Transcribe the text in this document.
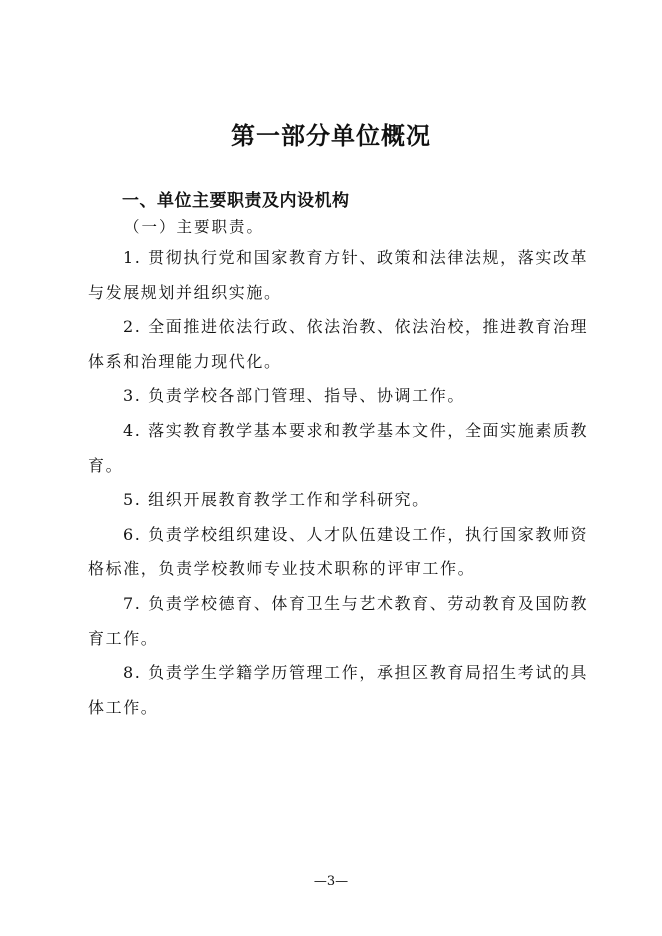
第一部分单位概况
一、单位主要职责及内设机构
（一）主要职责。
1. 贯彻执行党和国家教育方针、政策和法律法规，落实改革
与发展规划并组织实施。
2. 全面推进依法行政、依法治教、依法治校，推进教育治理
体系和治理能力现代化。
3. 负责学校各部门管理、指导、协调工作。
4. 落实教育教学基本要求和教学基本文件，全面实施素质教
育。
5. 组织开展教育教学工作和学科研究。
6. 负责学校组织建设、人才队伍建设工作，执行国家教师资
格标准，负责学校教师专业技术职称的评审工作。
7. 负责学校德育、体育卫生与艺术教育、劳动教育及国防教
育工作。
8. 负责学生学籍学历管理工作，承担区教育局招生考试的具
体工作。
—3—
